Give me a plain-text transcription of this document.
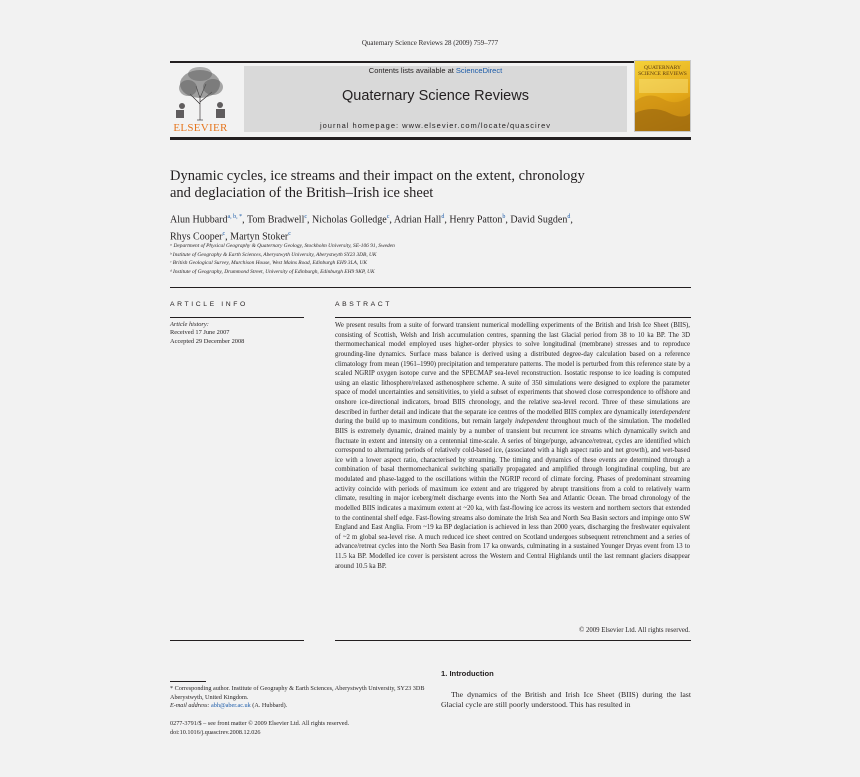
Quaternary Science Reviews 28 (2009) 759–777
ELSEVIER
Contents lists available at ScienceDirect
Quaternary Science Reviews
journal homepage: www.elsevier.com/locate/quascirev
QUATERNARY SCIENCE REVIEWS
Dynamic cycles, ice streams and their impact on the extent, chronology
and deglaciation of the British–Irish ice sheet
Alun Hubbard$^{a, b, *}$, Tom Bradwell$^c$, Nicholas Golledge$^c$, Adrian Hall$^d$, Henry Patton$^b$, David Sugden$^d$,
Rhys Cooper$^c$, Martyn Stoker$^c$
ᵃ Department of Physical Geography & Quaternary Geology, Stockholm University, SE-106 91, Sweden
ᵇ Institute of Geography & Earth Sciences, Aberystwyth University, Aberystwyth SY23 3DB, UK
ᶜ British Geological Survey, Murchison House, West Mains Road, Edinburgh EH9 3LA, UK
ᵈ Institute of Geography, Drummond Street, University of Edinburgh, Edinburgh EH9 9KP, UK
ARTICLE INFO
Article history:
Received 17 June 2007
Accepted 29 December 2008
ABSTRACT
We present results from a suite of forward transient numerical modelling experiments of the British and Irish Ice Sheet (BIIS), consisting of Scottish, Welsh and Irish accumulation centres, spanning the last Glacial period from 38 to 10 ka BP. The 3D thermomechanical model employed uses higher-order physics to solve longitudinal (membrane) stresses and to reproduce grounding-line dynamics. Surface mass balance is derived using a distributed degree-day calculation based on a reference climatology from mean (1961–1990) precipitation and temperature patterns. The model is perturbed from this reference state by a scaled NGRIP oxygen isotope curve and the SPECMAP sea-level reconstruction. Isostatic response to ice loading is computed using an elastic lithosphere/relaxed asthenosphere scheme. A suite of 350 simulations were designed to explore the parameter space of model uncertainties and sensitivities, to yield a subset of experiments that showed close correspondence to offshore and onshore ice-directional indicators, broad BIIS chronology, and the relative sea-level record. Three of these simulations are described in further detail and indicate that the separate ice centres of the modelled BIIS complex are dynamically interdependent during the build up to maximum conditions, but remain largely independent throughout much of the simulation. The modelled BIIS is extremely dynamic, drained mainly by a number of transient but recurrent ice streams which dynamically switch and fluctuate in extent and intensity on a centennial time-scale. A series of binge/purge, advance/retreat, cycles are identified which correspond to alternating periods of relatively cold-based ice, (associated with a high aspect ratio and net growth), and wet-based ice with a lower aspect ratio, characterised by streaming. The timing and dynamics of these events are determined through a combination of basal thermomechanical switching spatially propagated and amplified through longitudinal coupling, but are modulated and phase-lagged to the oscillations within the NGRIP record of climate forcing. Phases of predominant streaming activity coincide with periods of maximum ice extent and are triggered by abrupt transitions from a cold to relatively warm climate, resulting in major iceberg/melt discharge events into the North Sea and Atlantic Ocean. The broad chronology of the modelled BIIS indicates a maximum extent at ~20 ka, with fast-flowing ice across its western and northern sectors that extended to the continental shelf edge. Fast-flowing streams also dominate the Irish Sea and North Sea Basin sectors and impinge onto SW England and East Anglia. From ~19 ka BP deglaciation is achieved in less than 2000 years, discharging the freshwater equivalent of ~2 m global sea-level rise. A much reduced ice sheet centred on Scotland undergoes subsequent retrenchment and a series of advance/retreat cycles into the North Sea Basin from 17 ka onwards, culminating in a sustained Younger Dryas event from 13 to 11.5 ka BP. Modelled ice cover is persistent across the Western and Central Highlands until the last remnant glaciers disappear around 10.5 ka BP.
© 2009 Elsevier Ltd. All rights reserved.
* Corresponding author. Institute of Geography & Earth Sciences, Aberystwyth University, SY23 3DB Aberystwyth, United Kingdom.
E-mail address: abh@aber.ac.uk (A. Hubbard).
0277-3791/$ – see front matter © 2009 Elsevier Ltd. All rights reserved.
doi:10.1016/j.quascirev.2008.12.026
1. Introduction
The dynamics of the British and Irish Ice Sheet (BIIS) during the last Glacial cycle are still poorly understood. This has resulted in
